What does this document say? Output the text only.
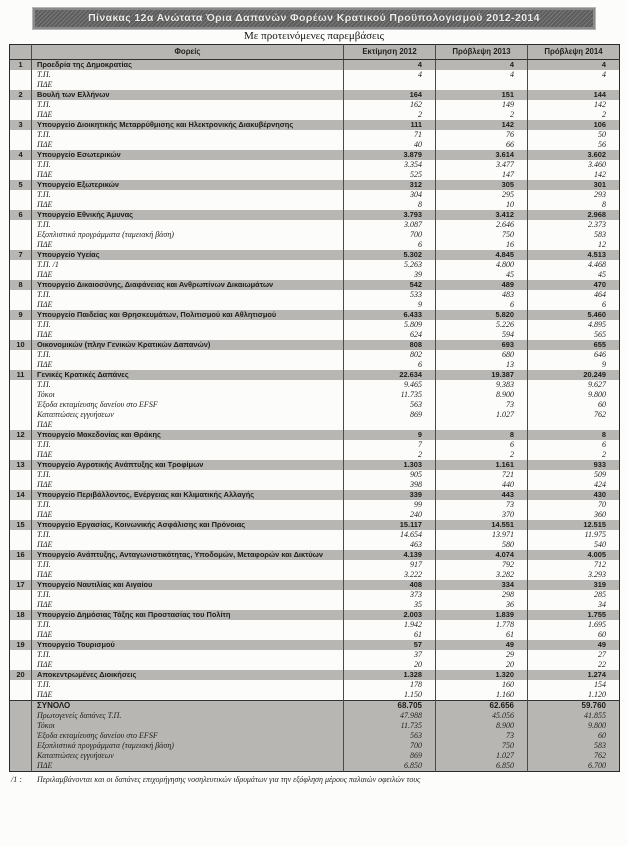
Πίνακας 12α Ανώτατα Όρια Δαπανών Φορέων Κρατικού Προϋπολογισμού 2012-2014
Με προτεινόμενες παρεμβάσεις
	Φορείς	Εκτίμηση 2012	Πρόβλεψη 2013	Πρόβλεψη 2014
1	Προεδρία της Δημοκρατίας	4	4	4
	Τ.Π.	4	4	4
	ΠΔΕ			
2	Βουλή των Ελλήνων	164	151	144
	Τ.Π.	162	149	142
	ΠΔΕ	2	2	2
3	Υπουργείο Διοικητικής Μεταρρύθμισης και Ηλεκτρονικής Διακυβέρνησης	111	142	106
	Τ.Π.	71	76	50
	ΠΔΕ	40	66	56
4	Υπουργείο Εσωτερικών	3.879	3.614	3.602
	Τ.Π.	3.354	3.477	3.460
	ΠΔΕ	525	147	142
5	Υπουργείο Εξωτερικών	312	305	301
	Τ.Π.	304	295	293
	ΠΔΕ	8	10	8
6	Υπουργείο Εθνικής Άμυνας	3.793	3.412	2.968
	Τ.Π.	3.087	2.646	2.373
	Εξοπλιστικά προγράμματα (ταμειακή βάση)	700	750	583
	ΠΔΕ	6	16	12
7	Υπουργείο Υγείας	5.302	4.845	4.513
	Τ.Π. /1	5.263	4.800	4.468
	ΠΔΕ	39	45	45
8	Υπουργείο Δικαιοσύνης, Διαφάνειας και Ανθρωπίνων Δικαιωμάτων	542	489	470
	Τ.Π.	533	483	464
	ΠΔΕ	9	6	6
9	Υπουργείο Παιδείας και Θρησκευμάτων, Πολιτισμού και Αθλητισμού	6.433	5.820	5.460
	Τ.Π.	5.809	5.226	4.895
	ΠΔΕ	624	594	565
10	Οικονομικών (πλην Γενικών Κρατικών Δαπανών)	808	693	655
	Τ.Π.	802	680	646
	ΠΔΕ	6	13	9
11	Γενικές Κρατικές Δαπάνες	22.634	19.387	20.249
	Τ.Π.	9.465	9.383	9.627
	Τόκοι	11.735	8.900	9.800
	Έξοδα εκταμίευσης δανείου στο EFSF	563	73	60
	Καταπτώσεις εγγυήσεων	869	1.027	762
	ΠΔΕ			
12	Υπουργείο Μακεδονίας και Θράκης	9	8	8
	Τ.Π.	7	6	6
	ΠΔΕ	2	2	2
13	Υπουργείο Αγροτικής Ανάπτυξης και Τροφίμων	1.303	1.161	933
	Τ.Π.	905	721	509
	ΠΔΕ	398	440	424
14	Υπουργείο Περιβάλλοντος, Ενέργειας και Κλιματικής Αλλαγής	339	443	430
	Τ.Π.	99	73	70
	ΠΔΕ	240	370	360
15	Υπουργείο Εργασίας, Κοινωνικής Ασφάλισης και Πρόνοιας	15.117	14.551	12.515
	Τ.Π.	14.654	13.971	11.975
	ΠΔΕ	463	580	540
16	Υπουργείο Ανάπτυξης, Ανταγωνιστικότητας, Υποδομών, Μεταφορών και Δικτύων	4.139	4.074	4.005
	Τ.Π.	917	792	712
	ΠΔΕ	3.222	3.282	3.293
17	Υπουργείο Ναυτιλίας και Αιγαίου	408	334	319
	Τ.Π.	373	298	285
	ΠΔΕ	35	36	34
18	Υπουργείο Δημόσιας Τάξης και Προστασίας του Πολίτη	2.003	1.839	1.755
	Τ.Π.	1.942	1.778	1.695
	ΠΔΕ	61	61	60
19	Υπουργείο Τουρισμού	57	49	49
	Τ.Π.	37	29	27
	ΠΔΕ	20	20	22
20	Αποκεντρωμένες Διοικήσεις	1.328	1.320	1.274
	Τ.Π.	178	160	154
	ΠΔΕ	1.150	1.160	1.120
	ΣΥΝΟΛΟ	68.705	62.656	59.760
	Πρωτογενείς δαπάνες Τ.Π.	47.988	45.056	41.855
	Τόκοι	11.735	8.900	9.800
	Έξοδα εκταμίευσης δανείου στο EFSF	563	73	60
	Εξοπλιστικά προγράμματα (ταμειακή βάση)	700	750	583
	Καταπτώσεις εγγυήσεων	869	1.027	762
	ΠΔΕ	6.850	6.850	6.700
/1 :	Περιλαμβάνονται και οι δαπάνες επιχορήγησης νοσηλευτικών ιδρυμάτων για την εξόφληση μέρους παλαιών οφειλών τους
